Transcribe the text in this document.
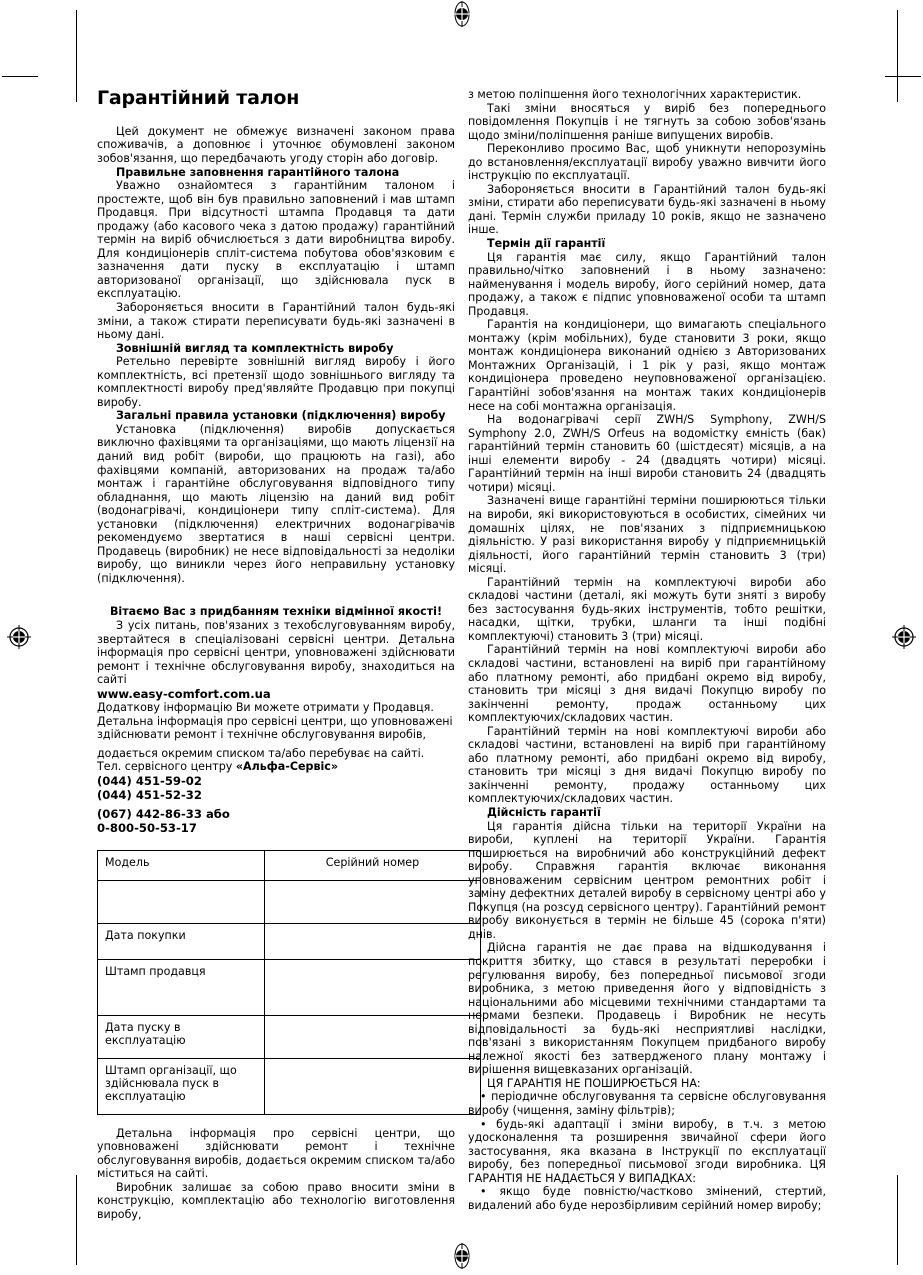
Гарантійний талон

Цей документ не обмежує визначені законом права споживачів, а доповнює і уточнює обумовлені законом зобов'язання, що передбачають угоду сторін або договір.

Правильне заповнення гарантійного талона

Уважно ознайомтеся з гарантійним талоном і простежте, щоб він був правильно заповнений і мав штамп Продавця. При відсутності штампа Продавця та дати продажу (або касового чека з датою продажу) гарантійний термін на виріб обчислюється з дати виробництва виробу. Для кондиціонерів спліт-система побутова обов'язковим є зазначення дати пуску в експлуатацію і штамп авторизованої організації, що здійснювала пуск в експлуатацію.

Забороняється вносити в Гарантійний талон будь-які зміни, а також стирати переписувати будь-які зазначені в ньому дані.

Зовнішній вигляд та комплектність виробу

Ретельно перевірте зовнішній вигляд виробу і його комплектність, всі претензії щодо зовнішнього вигляду та комплектності виробу пред'являйте Продавцю при покупці виробу.

Загальні правила установки (підключення) виробу

Установка (підключення) виробів допускається виключно фахівцями та організаціями, що мають ліцензії на даний вид робіт (вироби, що працюють на газі), або фахівцями компаній, авторизованих на продаж та/або монтаж і гарантійне обслуговування відповідного типу обладнання, що мають ліцензію на даний вид робіт (водонагрівачі, кондиціонери типу спліт-система). Для установки (підключення) електричних водонагрівачів рекомендуємо звертатися в наші сервісні центри. Продавець (виробник) не несе відповідальності за недоліки виробу, що виникли через його неправильну установку (підключення).

Вітаємо Вас з придбанням техніки відмінної якості!

З усіх питань, пов'язаних з техобслуговуванням виробу, звертайтеся в спеціалізовані сервісні центри. Детальна інформація про сервісні центри, уповноважені здійснювати ремонт і технічне обслуговування виробу, знаходиться на сайті

www.easy-comfort.com.ua

Додаткову інформацію Ви можете отримати у Продавця.

Детальна інформація про сервісні центри, що уповноважені здійснювати ремонт і технічне обслуговування виробів,

додається окремим списком та/або перебуває на сайті.

Тел. сервісного центру «Альфа-Сервіс»

(044) 451-59-02

(044) 451-52-32

(067) 442-86-33 або

0-800-50-53-17

Модель	Серійний номер

Дата покупки	
Штамп продавця	
Дата пуску в експлуатацію	
Штамп організації, що здійснювала пуск в експлуатацію	

Детальна інформація про сервісні центри, що уповноважені здійснювати ремонт і технічне обслуговування виробів, додається окремим списком та/або міститься на сайті.

Виробник залишає за собою право вносити зміни в конструкцію, комплектацію або технологію виготовлення виробу,

з метою поліпшення його технологічних характеристик.

Такі зміни вносяться у виріб без попереднього повідомлення Покупців і не тягнуть за собою зобов'язань щодо зміни/поліпшення раніше випущених виробів.

Переконливо просимо Вас, щоб уникнути непорозумінь до встановлення/експлуатації виробу уважно вивчити його інструкцію по експлуатації.

Забороняється вносити в Гарантійний талон будь-які зміни, стирати або переписувати будь-які зазначені в ньому дані. Термін служби приладу 10 років, якщо не зазначено інше.

Термін дії гарантії

Ця гарантія має силу, якщо Гарантійний талон правильно/чітко заповнений і в ньому зазначено: найменування і модель виробу, його серійний номер, дата продажу, а також є підпис уповноваженої особи та штамп Продавця.

Гарантія на кондиціонери, що вимагають спеціального монтажу (крім мобільних), буде становити 3 роки, якщо монтаж кондиціонера виконаний однією з Авторизованих Монтажних Організацій, і 1 рік у разі, якщо монтаж кондиціонера проведено неуповноваженої організацією. Гарантійні зобов'язання на монтаж таких кондиціонерів несе на собі монтажна організація.

На водонагрівачі серії ZWH/S Symphony, ZWH/S Symphony 2.0, ZWH/S Orfeus на водомістку ємність (бак) гарантійний термін становить 60 (шістдесят) місяців, а на інші елементи виробу - 24 (двадцять чотири) місяці. Гарантійний термін на інші вироби становить 24 (двадцять чотири) місяці.

Зазначені вище гарантійні терміни поширюються тільки на вироби, які використовуються в особистих, сімейних чи домашніх цілях, не пов'язаних з підприємницькою діяльністю. У разі використання виробу у підприємницькій діяльності, його гарантійний термін становить 3 (три) місяці.

Гарантійний термін на комплектуючі вироби або складові частини (деталі, які можуть бути зняті з виробу без застосування будь-яких інструментів, тобто решітки, насадки, щітки, трубки, шланги та інші подібні комплектуючі) становить 3 (три) місяці.

Гарантійний термін на нові комплектуючі вироби або складові частини, встановлені на виріб при гарантійному або платному ремонті, або придбані окремо від виробу, становить три місяці з дня видачі Покупцю виробу по закінченні ремонту, продаж останньому цих комплектуючих/складових частин.

Гарантійний термін на нові комплектуючі вироби або складові частини, встановлені на виріб при гарантійному або платному ремонті, або придбані окремо від виробу, становить три місяці з дня видачі Покупцю виробу по закінченні ремонту, продажу останньому цих комплектуючих/складових частин.

Дійсність гарантії

Ця гарантія дійсна тільки на території України на вироби, куплені на території України. Гарантія поширюється на виробничий або конструкційний дефект виробу. Справжня гарантія включає виконання уповноваженим сервісним центром ремонтних робіт і заміну дефектних деталей виробу в сервісному центрі або у Покупця (на розсуд сервісного центру). Гарантійний ремонт виробу виконується в термін не більше 45 (сорока п'яти) днів.

Дійсна гарантія не дає права на відшкодування і покриття збитку, що стався в результаті переробки і регулювання виробу, без попередньої письмової згоди виробника, з метою приведення його у відповідність з національними або місцевими технічними стандартами та нормами безпеки. Продавець і Виробник не несуть відповідальності за будь-які несприятливі наслідки, пов'язані з використанням Покупцем придбаного виробу належної якості без затвердженого плану монтажу і вирішення вищевказаних організацій.

ЦЯ ГАРАНТІЯ НЕ ПОШИРЮЄТЬСЯ НА:

• періодичне обслуговування та сервісне обслуговування виробу (чищення, заміну фільтрів);

• будь-які адаптації і зміни виробу, в т.ч. з метою удосконалення та розширення звичайної сфери його застосування, яка вказана в Інструкції по експлуатації виробу, без попередньої письмової згоди виробника. ЦЯ ГАРАНТІЯ НЕ НАДАЄТЬСЯ У ВИПАДКАХ:

• якщо буде повністю/частково змінений, стертий, видалений або буде нерозбірливим серійний номер виробу;
